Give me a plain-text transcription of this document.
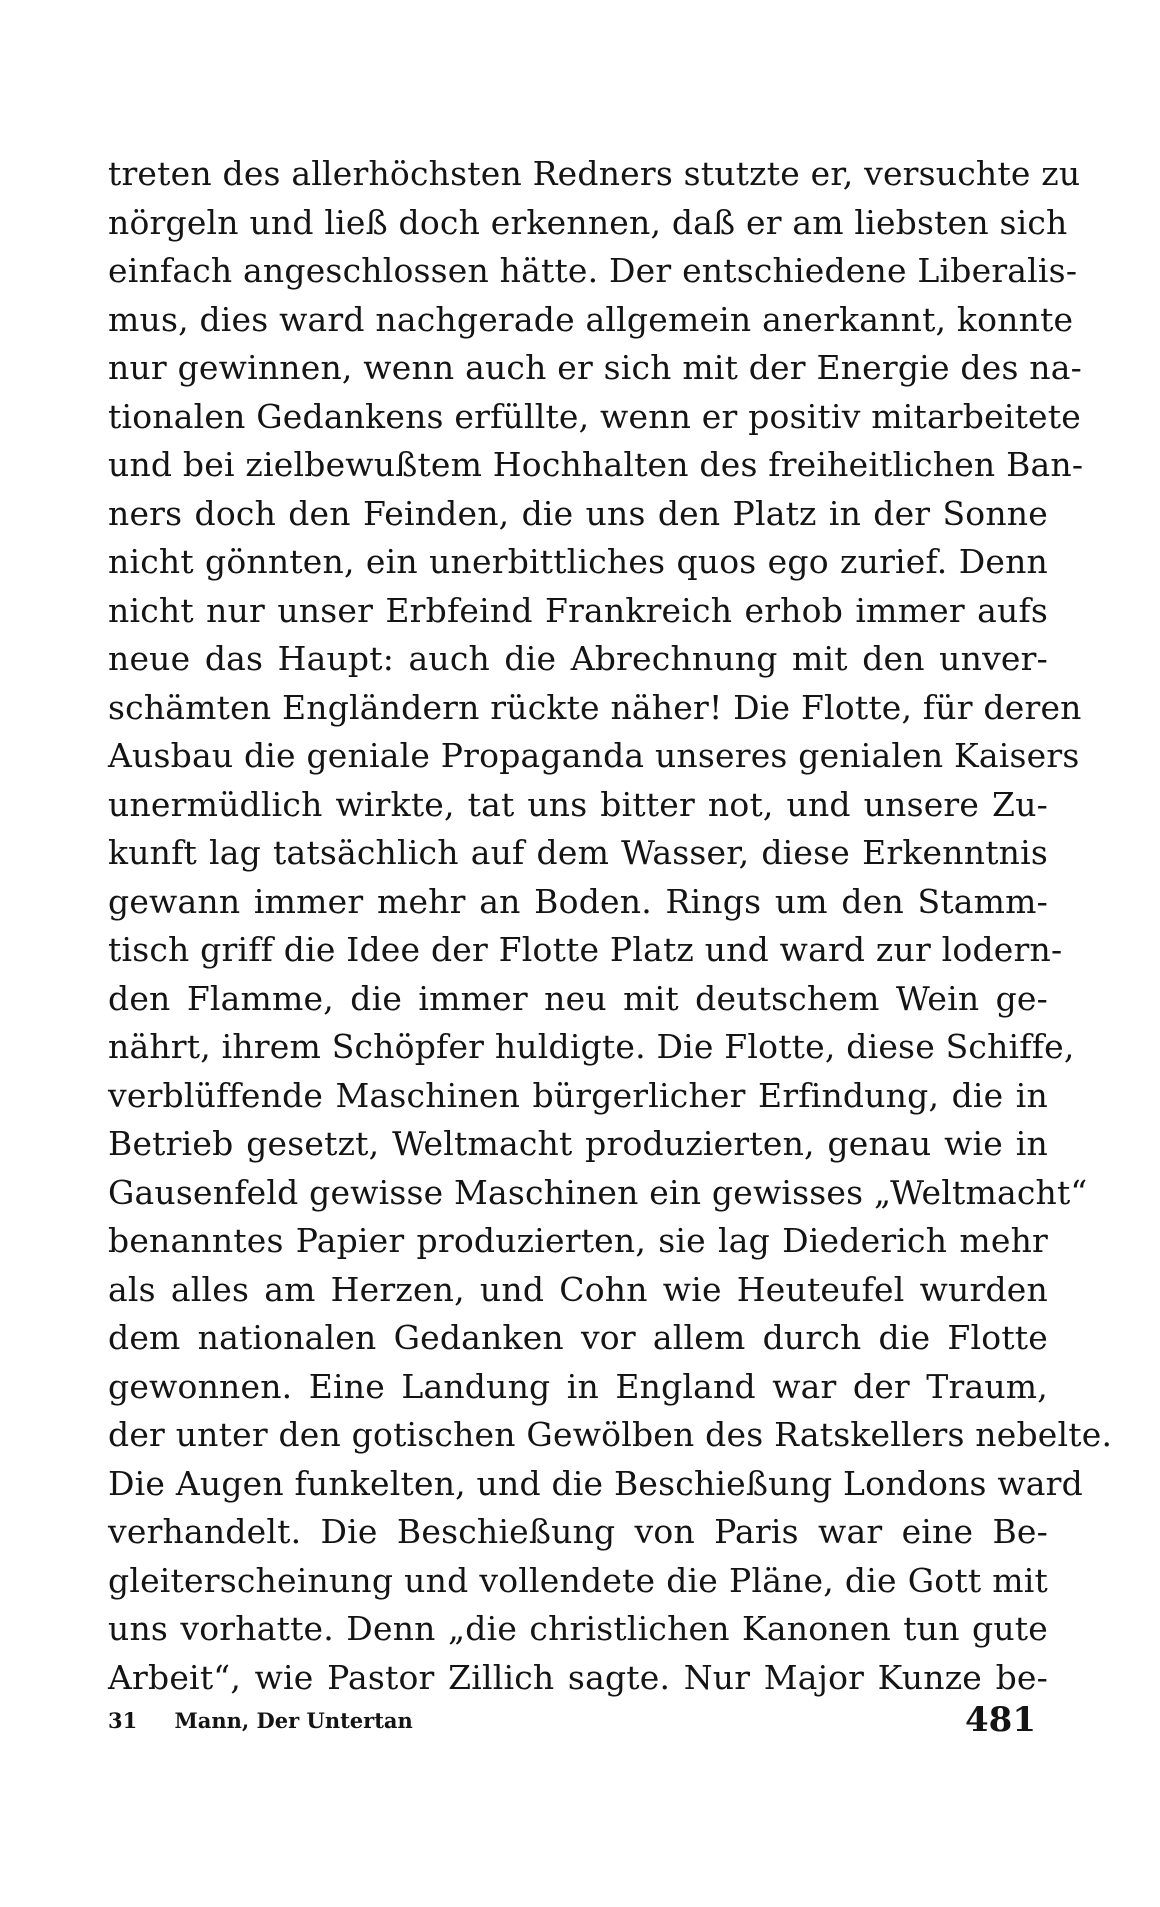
treten des allerhöchsten Redners stutzte er, versuchte zu
nörgeln und ließ doch erkennen, daß er am liebsten sich
einfach angeschlossen hätte. Der entschiedene Liberalis-
mus, dies ward nachgerade allgemein anerkannt, konnte
nur gewinnen, wenn auch er sich mit der Energie des na-
tionalen Gedankens erfüllte, wenn er positiv mitarbeitete
und bei zielbewußtem Hochhalten des freiheitlichen Ban-
ners doch den Feinden, die uns den Platz in der Sonne
nicht gönnten, ein unerbittliches quos ego zurief. Denn
nicht nur unser Erbfeind Frankreich erhob immer aufs
neue das Haupt: auch die Abrechnung mit den unver-
schämten Engländern rückte näher! Die Flotte, für deren
Ausbau die geniale Propaganda unseres genialen Kaisers
unermüdlich wirkte, tat uns bitter not, und unsere Zu-
kunft lag tatsächlich auf dem Wasser, diese Erkenntnis
gewann immer mehr an Boden. Rings um den Stamm-
tisch griff die Idee der Flotte Platz und ward zur lodern-
den Flamme, die immer neu mit deutschem Wein ge-
nährt, ihrem Schöpfer huldigte. Die Flotte, diese Schiffe,
verblüffende Maschinen bürgerlicher Erfindung, die in
Betrieb gesetzt, Weltmacht produzierten, genau wie in
Gausenfeld gewisse Maschinen ein gewisses „Weltmacht“
benanntes Papier produzierten, sie lag Diederich mehr
als alles am Herzen, und Cohn wie Heuteufel wurden
dem nationalen Gedanken vor allem durch die Flotte
gewonnen. Eine Landung in England war der Traum,
der unter den gotischen Gewölben des Ratskellers nebelte.
Die Augen funkelten, und die Beschießung Londons ward
verhandelt. Die Beschießung von Paris war eine Be-
gleiterscheinung und vollendete die Pläne, die Gott mit
uns vorhatte. Denn „die christlichen Kanonen tun gute
Arbeit“, wie Pastor Zillich sagte. Nur Major Kunze be-
31 Mann, Der Untertan	481
